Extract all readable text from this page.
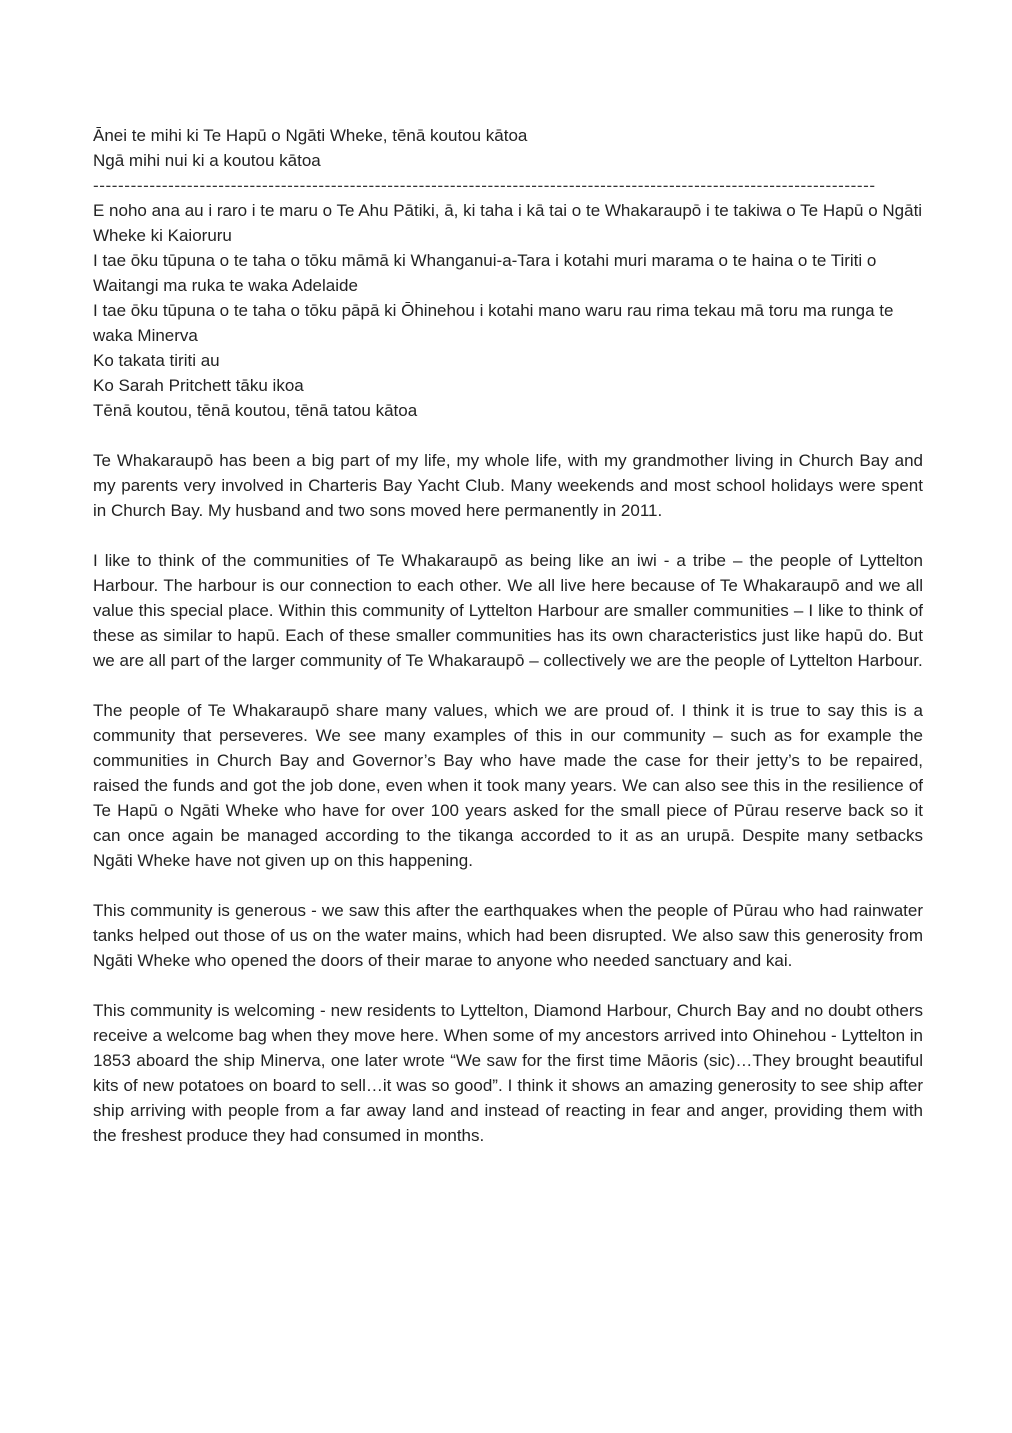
Ānei te mihi ki Te Hapū o Ngāti Wheke, tēnā koutou kātoa
Ngā mihi nui ki a koutou kātoa
-----------------------------------------------------------------------------------------------------------------------------
E noho ana au i raro i te maru o Te Ahu Pātiki, ā, ki taha i kā tai o te Whakaraupō i te takiwa o Te Hapū o Ngāti Wheke ki Kaioruru
I tae ōku tūpuna o te taha o tōku māmā ki Whanganui-a-Tara i kotahi muri marama o te haina o te Tiriti o Waitangi ma ruka te waka Adelaide
I tae ōku tūpuna o te taha o tōku pāpā ki Ōhinehou i kotahi mano waru rau rima tekau mā toru ma runga te waka Minerva
Ko takata tiriti au
Ko Sarah Pritchett tāku ikoa
Tēnā koutou, tēnā koutou, tēnā tatou kātoa

Te Whakaraupō has been a big part of my life, my whole life, with my grandmother living in Church Bay and my parents very involved in Charteris Bay Yacht Club. Many weekends and most school holidays were spent in Church Bay. My husband and two sons moved here permanently in 2011.

I like to think of the communities of Te Whakaraupō as being like an iwi - a tribe – the people of Lyttelton Harbour. The harbour is our connection to each other. We all live here because of Te Whakaraupō and we all value this special place. Within this community of Lyttelton Harbour are smaller communities – I like to think of these as similar to hapū. Each of these smaller communities has its own characteristics just like hapū do. But we are all part of the larger community of Te Whakaraupō – collectively we are the people of Lyttelton Harbour.

The people of Te Whakaraupō share many values, which we are proud of. I think it is true to say this is a community that perseveres. We see many examples of this in our community – such as for example the communities in Church Bay and Governor’s Bay who have made the case for their jetty’s to be repaired, raised the funds and got the job done, even when it took many years. We can also see this in the resilience of Te Hapū o Ngāti Wheke who have for over 100 years asked for the small piece of Pūrau reserve back so it can once again be managed according to the tikanga accorded to it as an urupā. Despite many setbacks Ngāti Wheke have not given up on this happening.

This community is generous - we saw this after the earthquakes when the people of Pūrau who had rainwater tanks helped out those of us on the water mains, which had been disrupted. We also saw this generosity from Ngāti Wheke who opened the doors of their marae to anyone who needed sanctuary and kai.

This community is welcoming - new residents to Lyttelton, Diamond Harbour, Church Bay and no doubt others receive a welcome bag when they move here. When some of my ancestors arrived into Ohinehou - Lyttelton in 1853 aboard the ship Minerva, one later wrote “We saw for the first time Māoris (sic)…They brought beautiful kits of new potatoes on board to sell…it was so good”. I think it shows an amazing generosity to see ship after ship arriving with people from a far away land and instead of reacting in fear and anger, providing them with the freshest produce they had consumed in months.
